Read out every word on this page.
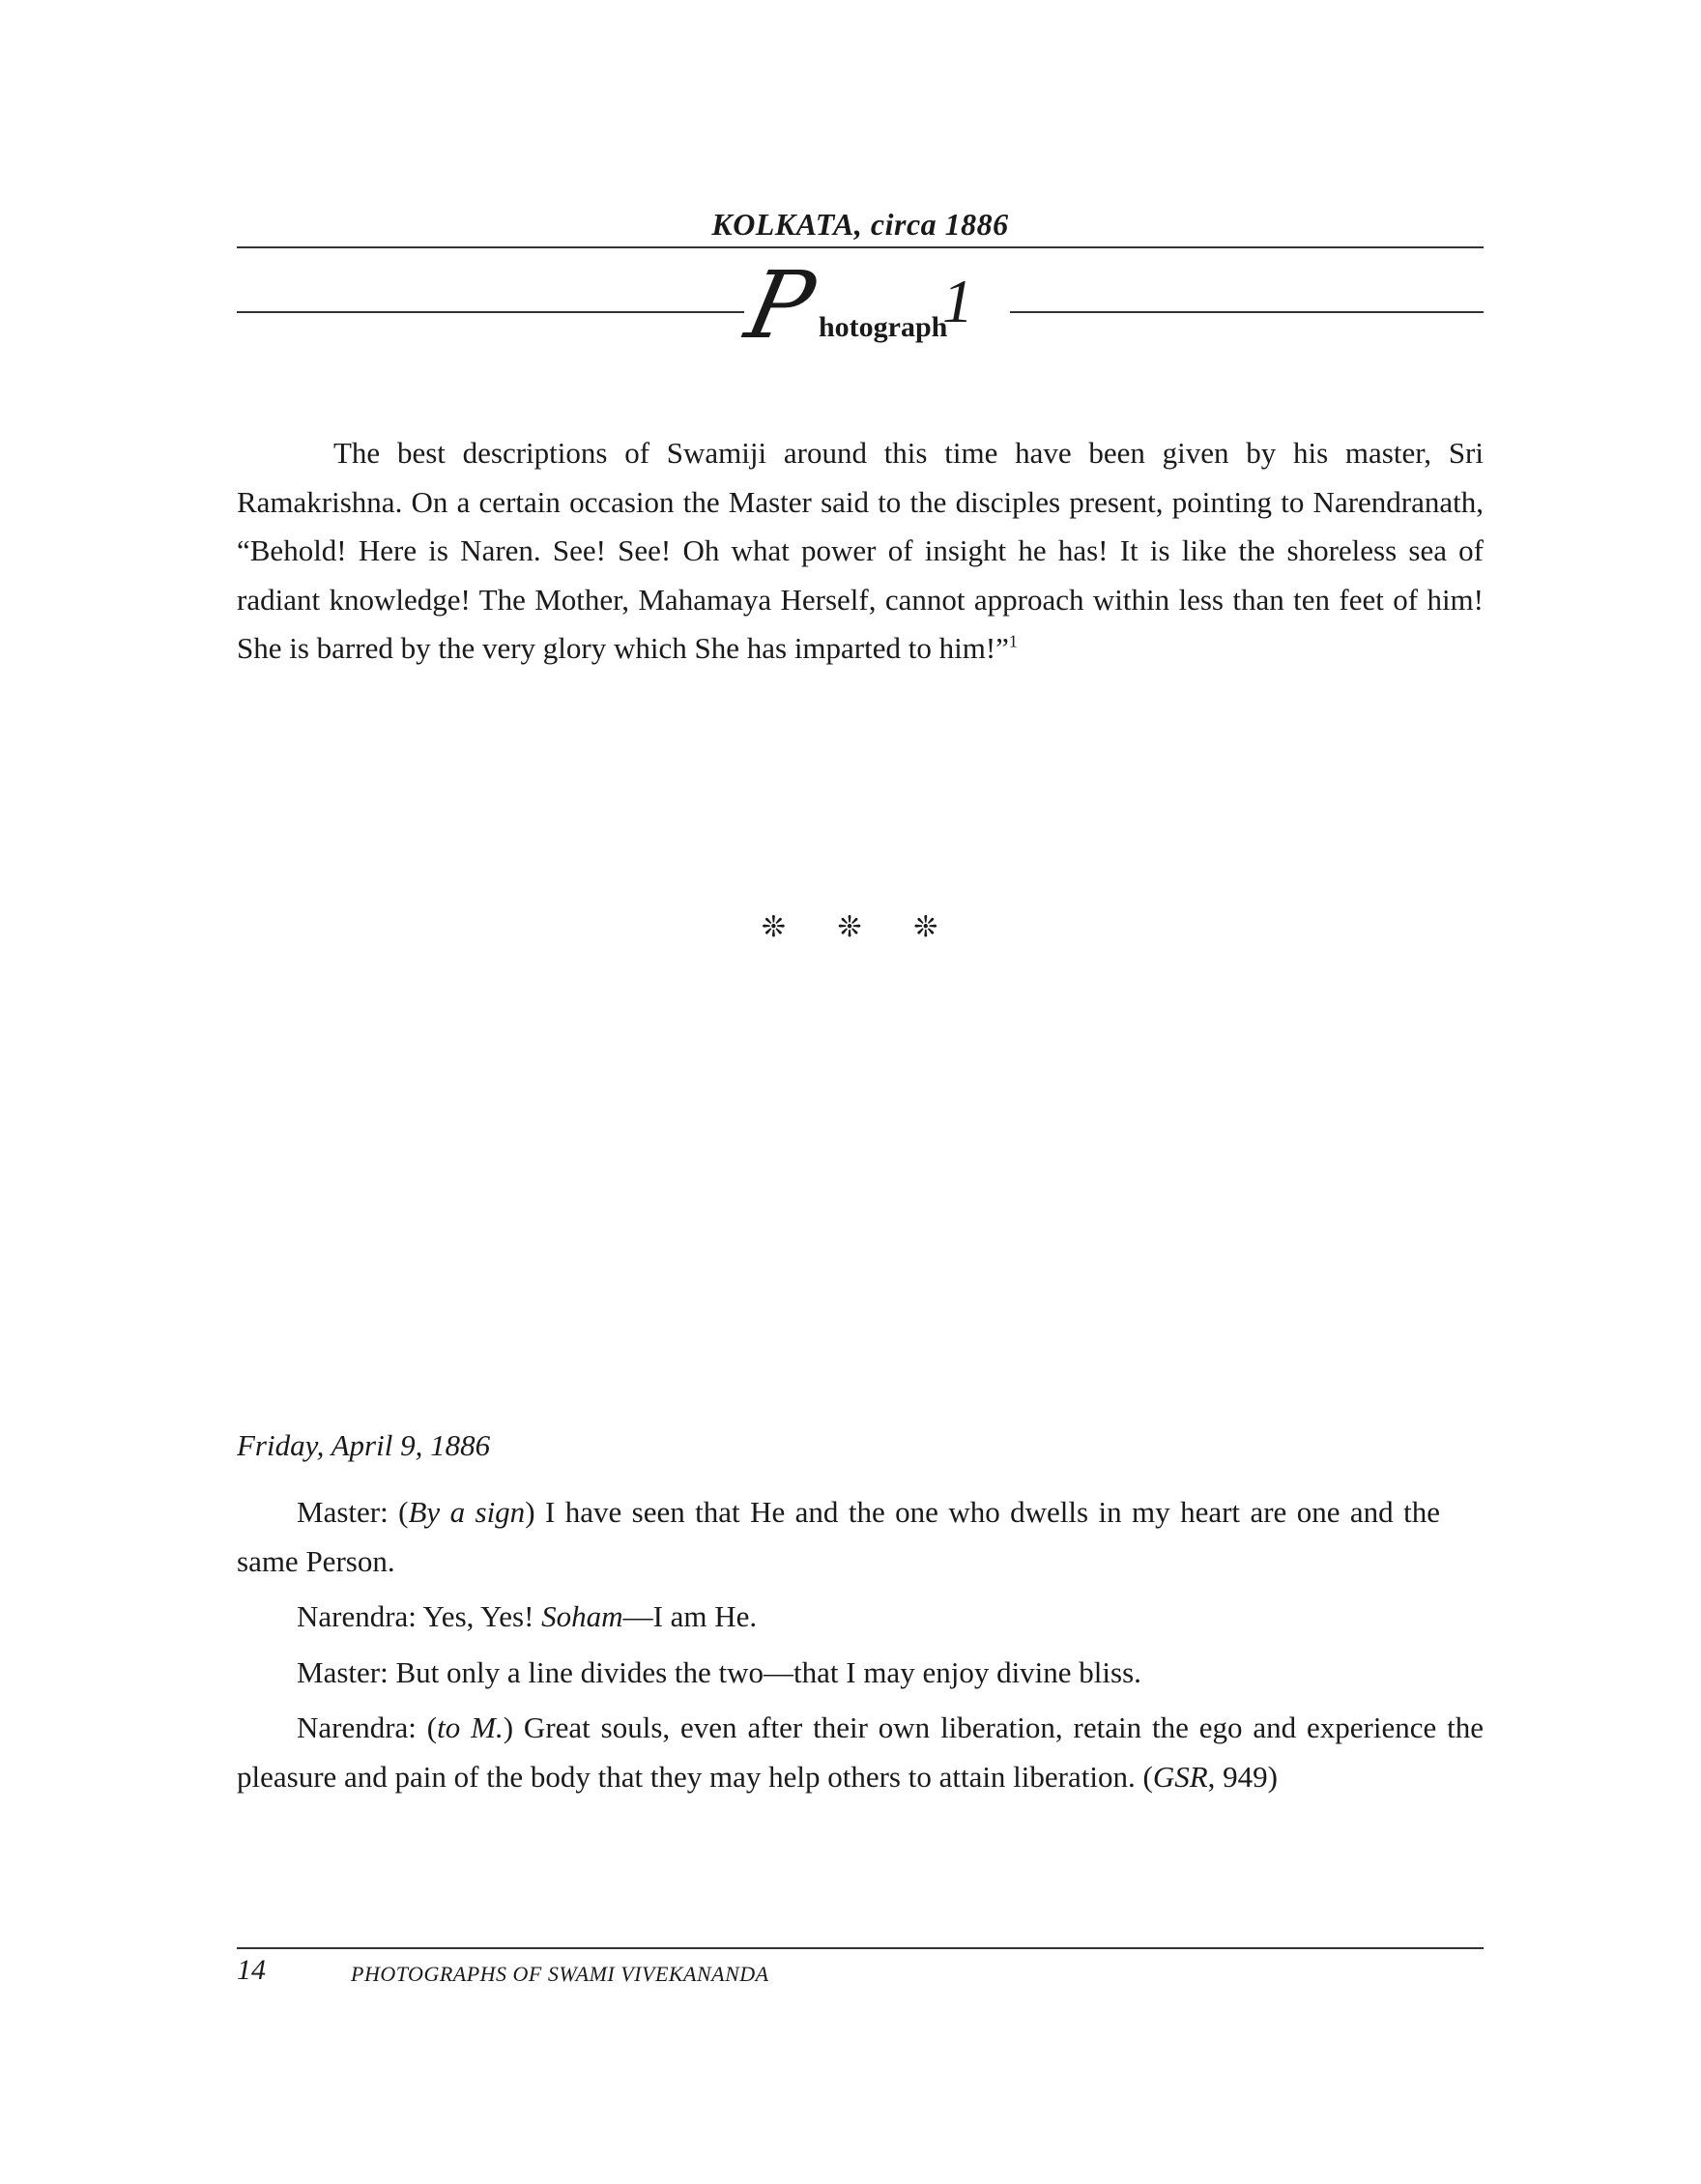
KOLKATA, circa 1886
P
hotograph
1

The best descriptions of Swamiji around this time have been given by his master, Sri Ramakrishna. On a certain occasion the Master said to the disciples present, pointing to Narendranath, “Behold! Here is Naren. See! See! Oh what power of insight he has! It is like the shoreless sea of radiant knowledge! The Mother, Mahamaya Herself, cannot approach within less than ten feet of him! She is barred by the very glory which She has imparted to him!”$^1$

❊ ❊ ❊
Friday, April 9, 1886

Master: (By a sign) I have seen that He and the one who dwells in my heart are one and the same Person.

Narendra: Yes, Yes! Soham—I am He.

Master: But only a line divides the two—that I may enjoy divine bliss.

Narendra: (to M.) Great souls, even after their own liberation, retain the ego and experience the pleasure and pain of the body that they may help others to attain liberation. (GSR, 949)

14	PHOTOGRAPHS OF SWAMI VIVEKANANDA
